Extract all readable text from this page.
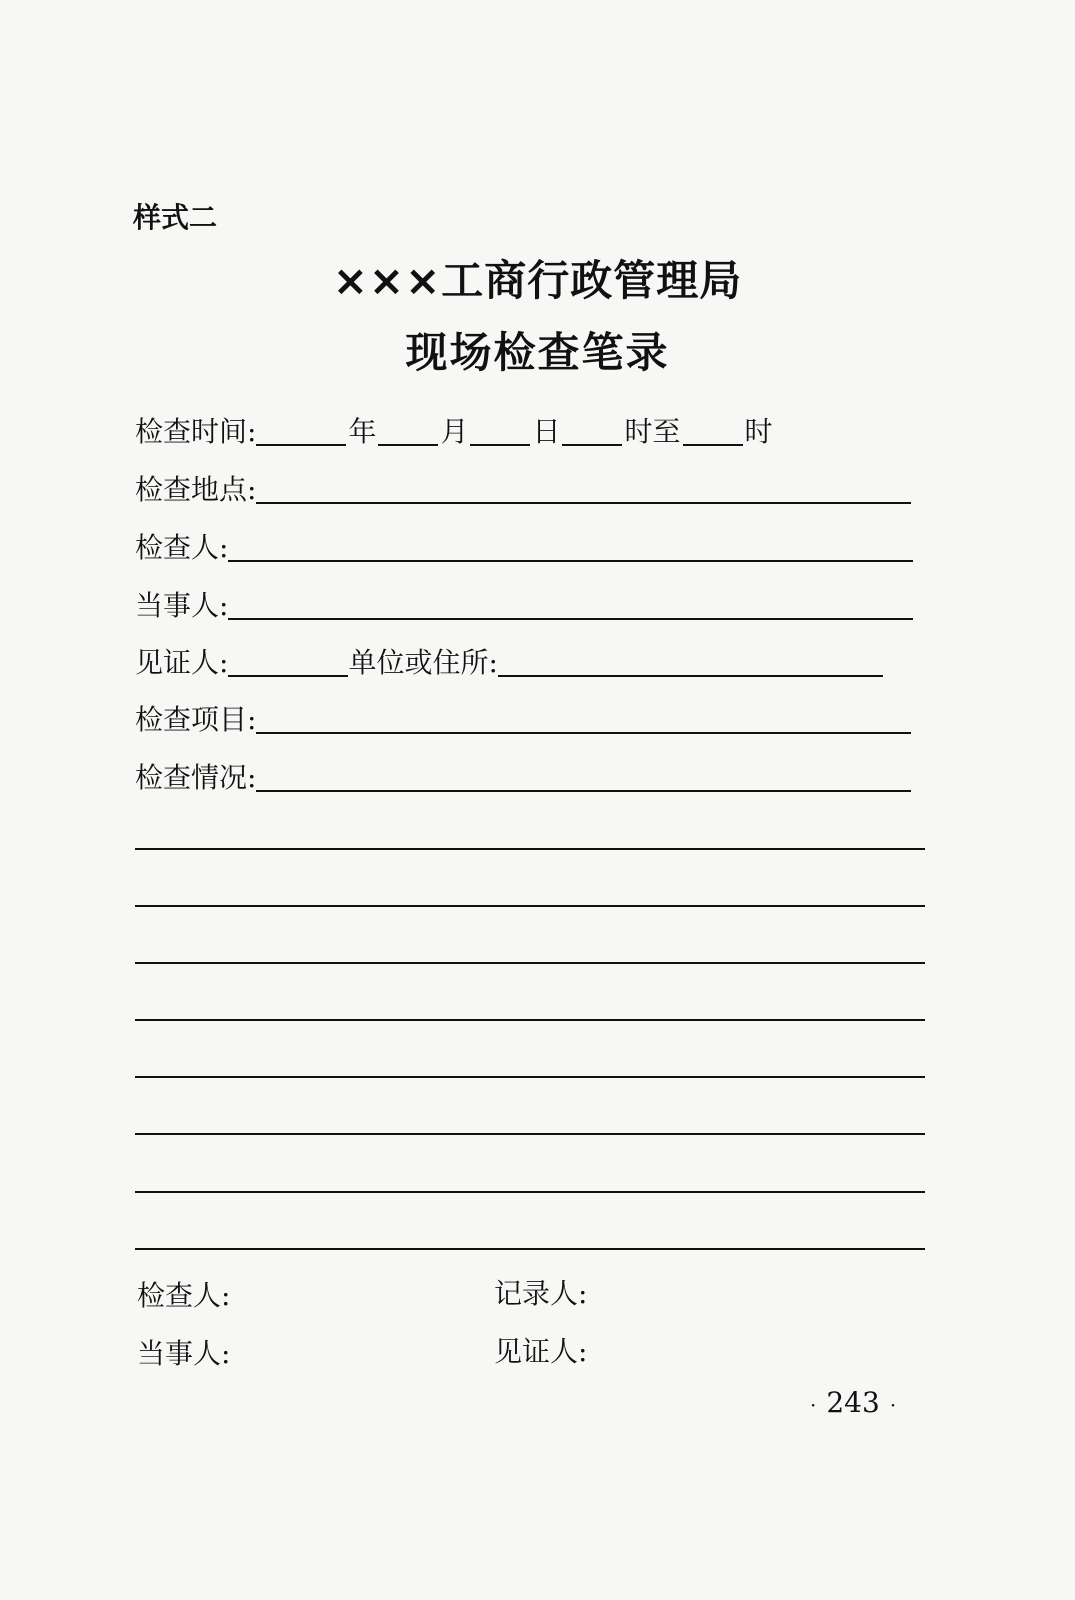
样式二
×××工商行政管理局
现场检查笔录
检查时间:	年 月 日 时至 时
检查地点:
检查人:
当事人:
见证人:	单位或住所:
检查项目:
检查情况:
检查人:	记录人:
当事人:	见证人:
· 243 ·
